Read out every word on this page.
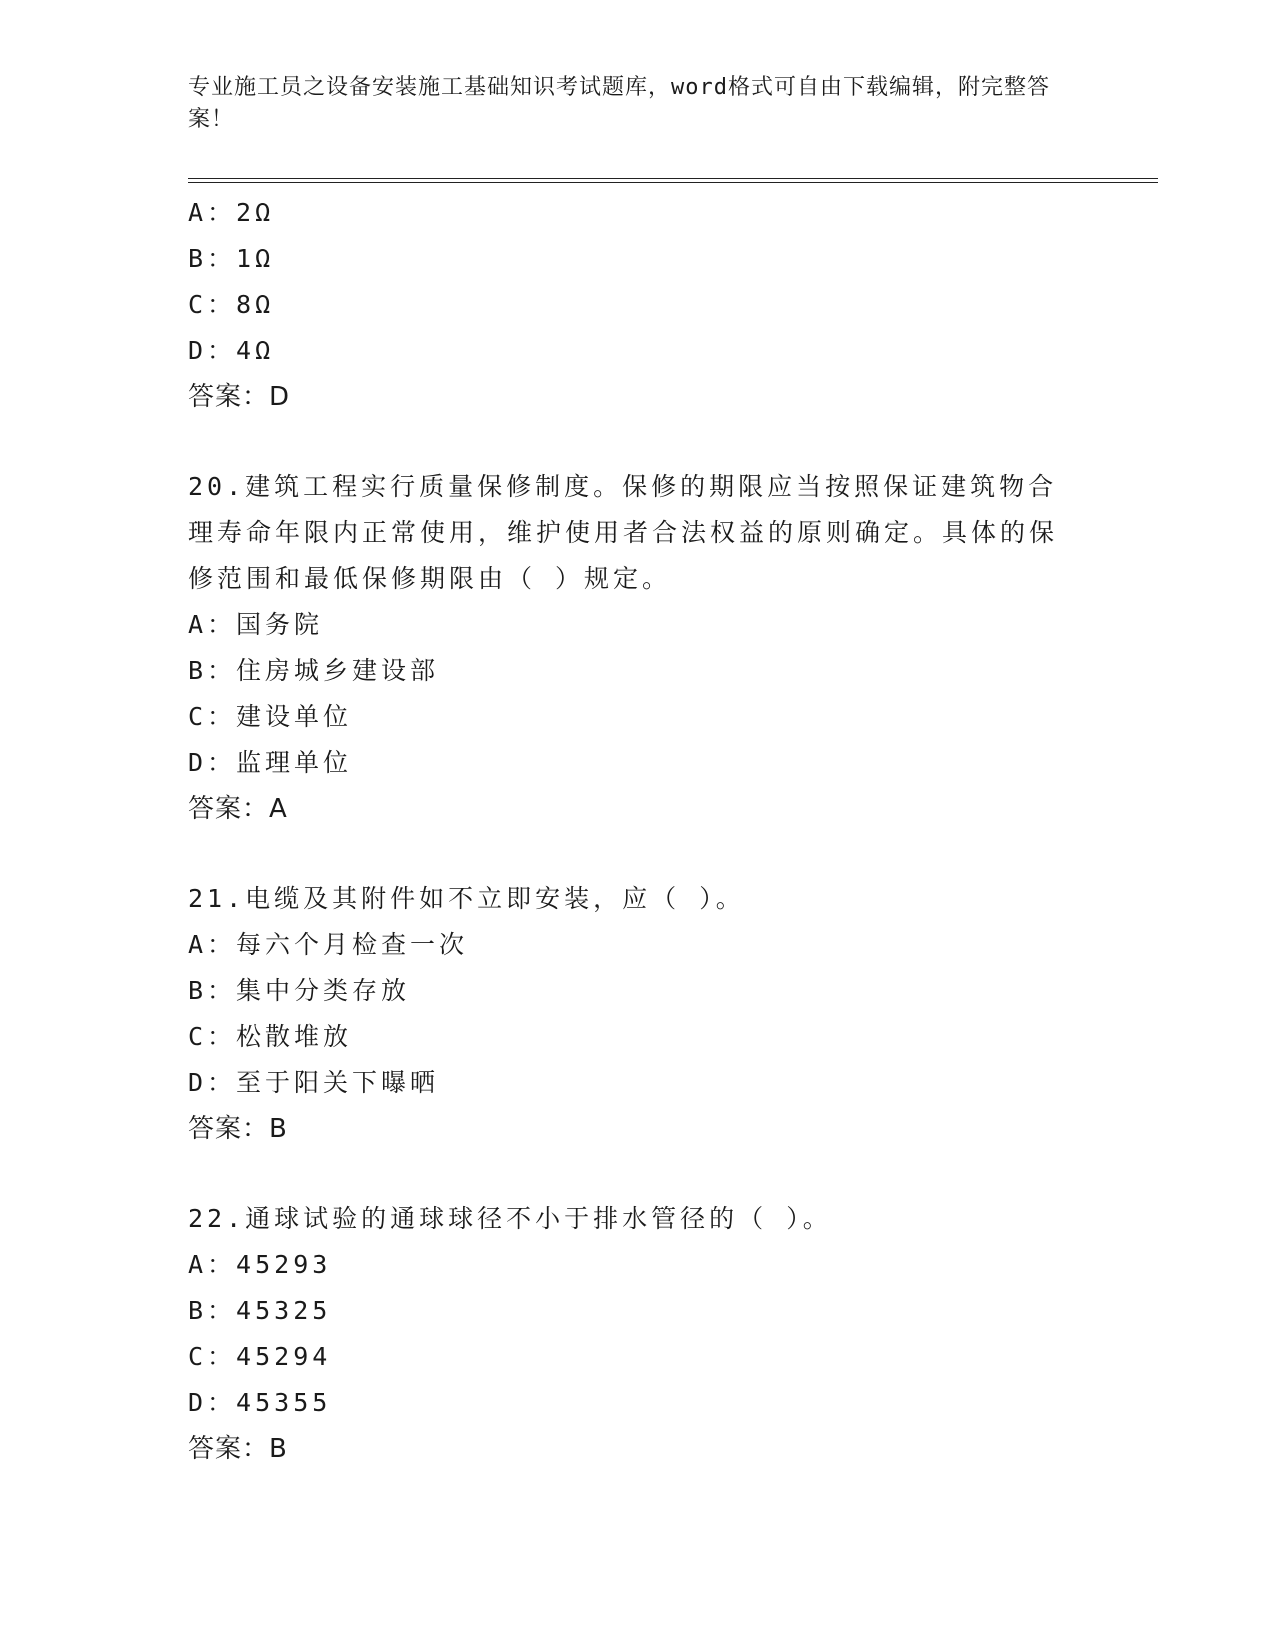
专业施工员之设备安装施工基础知识考试题库，word格式可自由下载编辑，附完整答案！
A：2Ω
B：1Ω
C：8Ω
D：4Ω
答案：D
20.建筑工程实行质量保修制度。保修的期限应当按照保证建筑物合理寿命年限内正常使用，维护使用者合法权益的原则确定。具体的保修范围和最低保修期限由（ ）规定。
A：国务院
B：住房城乡建设部
C：建设单位
D：监理单位
答案：A
21.电缆及其附件如不立即安装，应（ ）。
A：每六个月检查一次
B：集中分类存放
C：松散堆放
D：至于阳关下曝晒
答案：B
22.通球试验的通球球径不小于排水管径的（ ）。
A：45293
B：45325
C：45294
D：45355
答案：B
